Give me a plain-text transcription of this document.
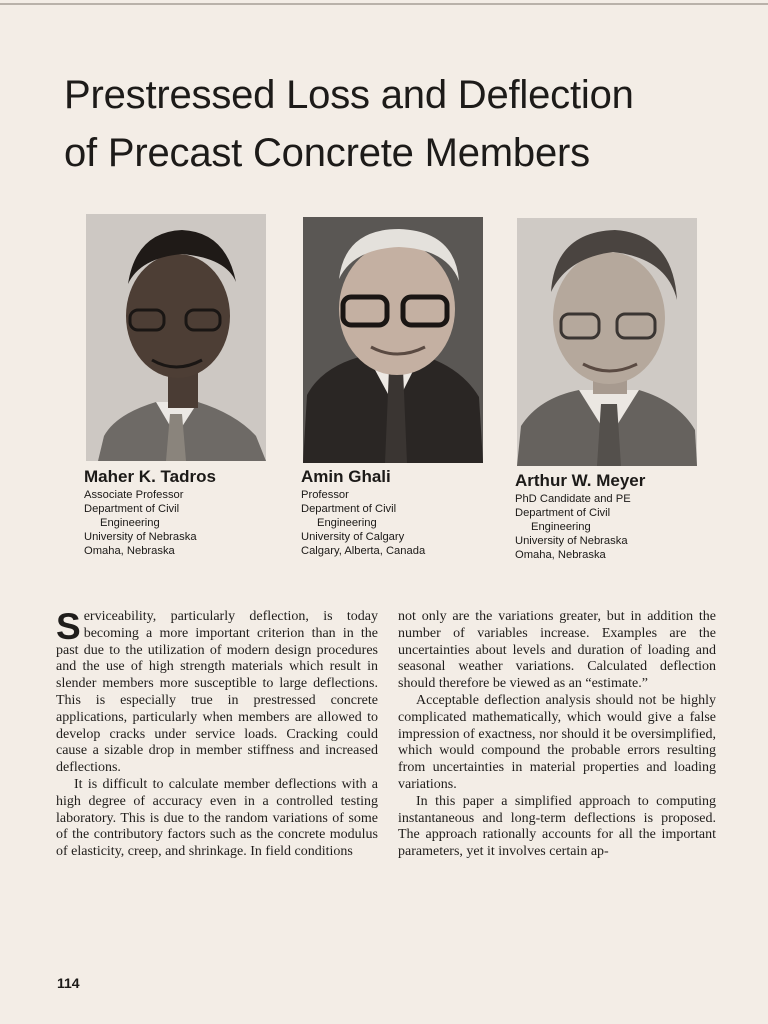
Prestressed Loss and Deflection
of Precast Concrete Members
Maher K. Tadros
Associate Professor
Department of Civil
Engineering
University of Nebraska
Omaha, Nebraska
Amin Ghali
Professor
Department of Civil
Engineering
University of Calgary
Calgary, Alberta, Canada
Arthur W. Meyer
PhD Candidate and PE
Department of Civil
Engineering
University of Nebraska
Omaha, Nebraska

Serviceability, particularly deflection, is today becoming a more important criterion than in the past due to the utilization of modern design procedures and the use of high strength materials which result in slender members more susceptible to large deflections. This is especially true in prestressed concrete applications, particularly when members are allowed to develop cracks under service loads. Cracking could cause a sizable drop in member stiffness and increased deflections.

It is difficult to calculate member deflections with a high degree of accuracy even in a controlled testing laboratory. This is due to the random variations of some of the contributory factors such as the concrete modulus of elasticity, creep, and shrinkage. In field conditions

not only are the variations greater, but in addition the number of variables increase. Examples are the uncertainties about levels and duration of loading and seasonal weather variations. Calculated deflection should therefore be viewed as an “estimate.”

Acceptable deflection analysis should not be highly complicated mathematically, which would give a false impression of exactness, nor should it be oversimplified, which would compound the probable errors resulting from uncertainties in material properties and loading variations.

In this paper a simplified approach to computing instantaneous and long-term deflections is proposed. The approach rationally accounts for all the important parameters, yet it involves certain ap-

114
